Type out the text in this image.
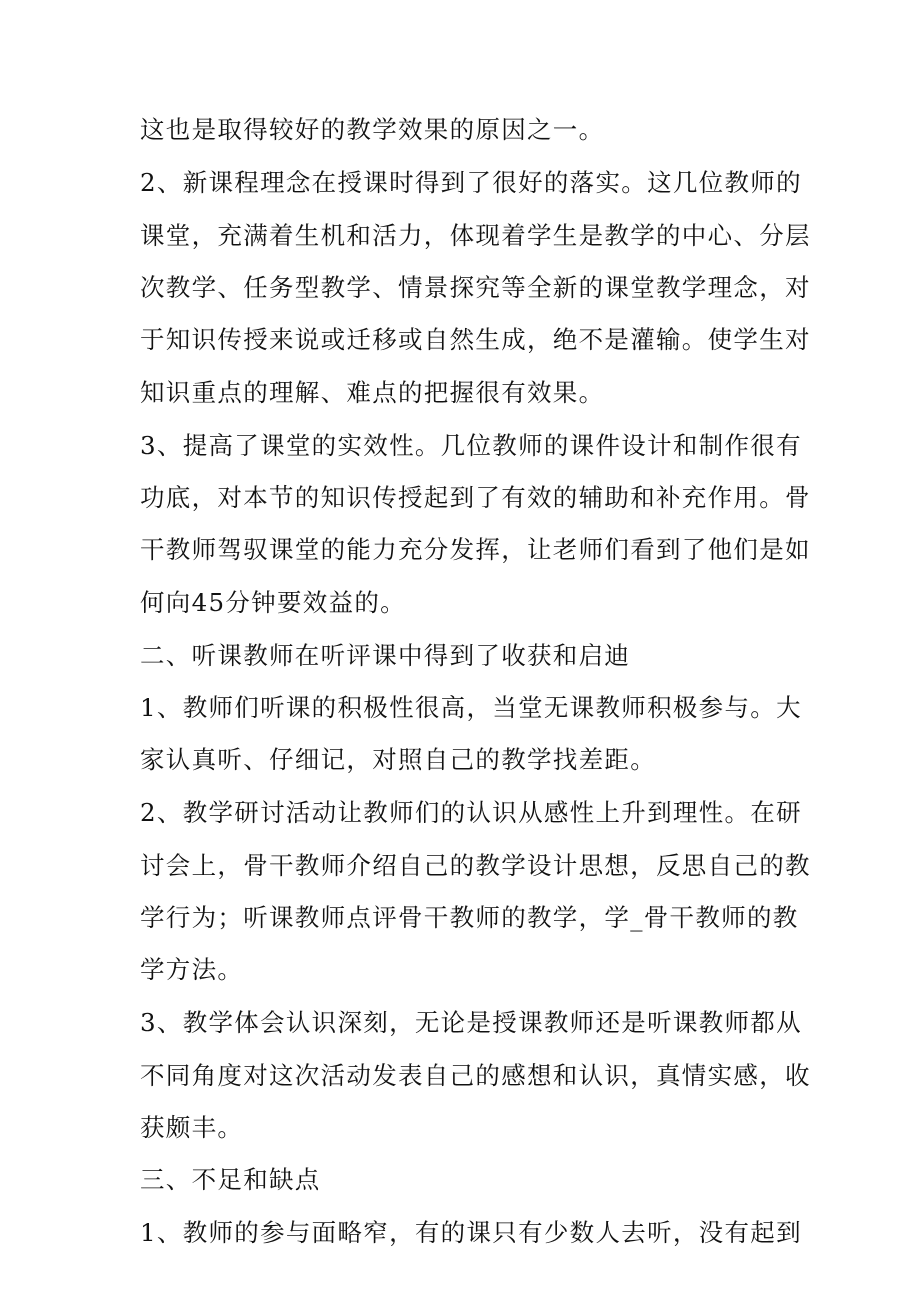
这也是取得较好的教学效果的原因之一。
2、新课程理念在授课时得到了很好的落实。这几位教师的
课堂，充满着生机和活力，体现着学生是教学的中心、分层
次教学、任务型教学、情景探究等全新的课堂教学理念，对
于知识传授来说或迁移或自然生成，绝不是灌输。使学生对
知识重点的理解、难点的把握很有效果。
3、提高了课堂的实效性。几位教师的课件设计和制作很有
功底，对本节的知识传授起到了有效的辅助和补充作用。骨
干教师驾驭课堂的能力充分发挥，让老师们看到了他们是如
何向45分钟要效益的。
二、听课教师在听评课中得到了收获和启迪
1、教师们听课的积极性很高，当堂无课教师积极参与。大
家认真听、仔细记，对照自己的教学找差距。
2、教学研讨活动让教师们的认识从感性上升到理性。在研
讨会上，骨干教师介绍自己的教学设计思想，反思自己的教
学行为；听课教师点评骨干教师的教学，学_骨干教师的教
学方法。
3、教学体会认识深刻，无论是授课教师还是听课教师都从
不同角度对这次活动发表自己的感想和认识，真情实感，收
获颇丰。
三、不足和缺点
1、教师的参与面略窄，有的课只有少数人去听，没有起到
